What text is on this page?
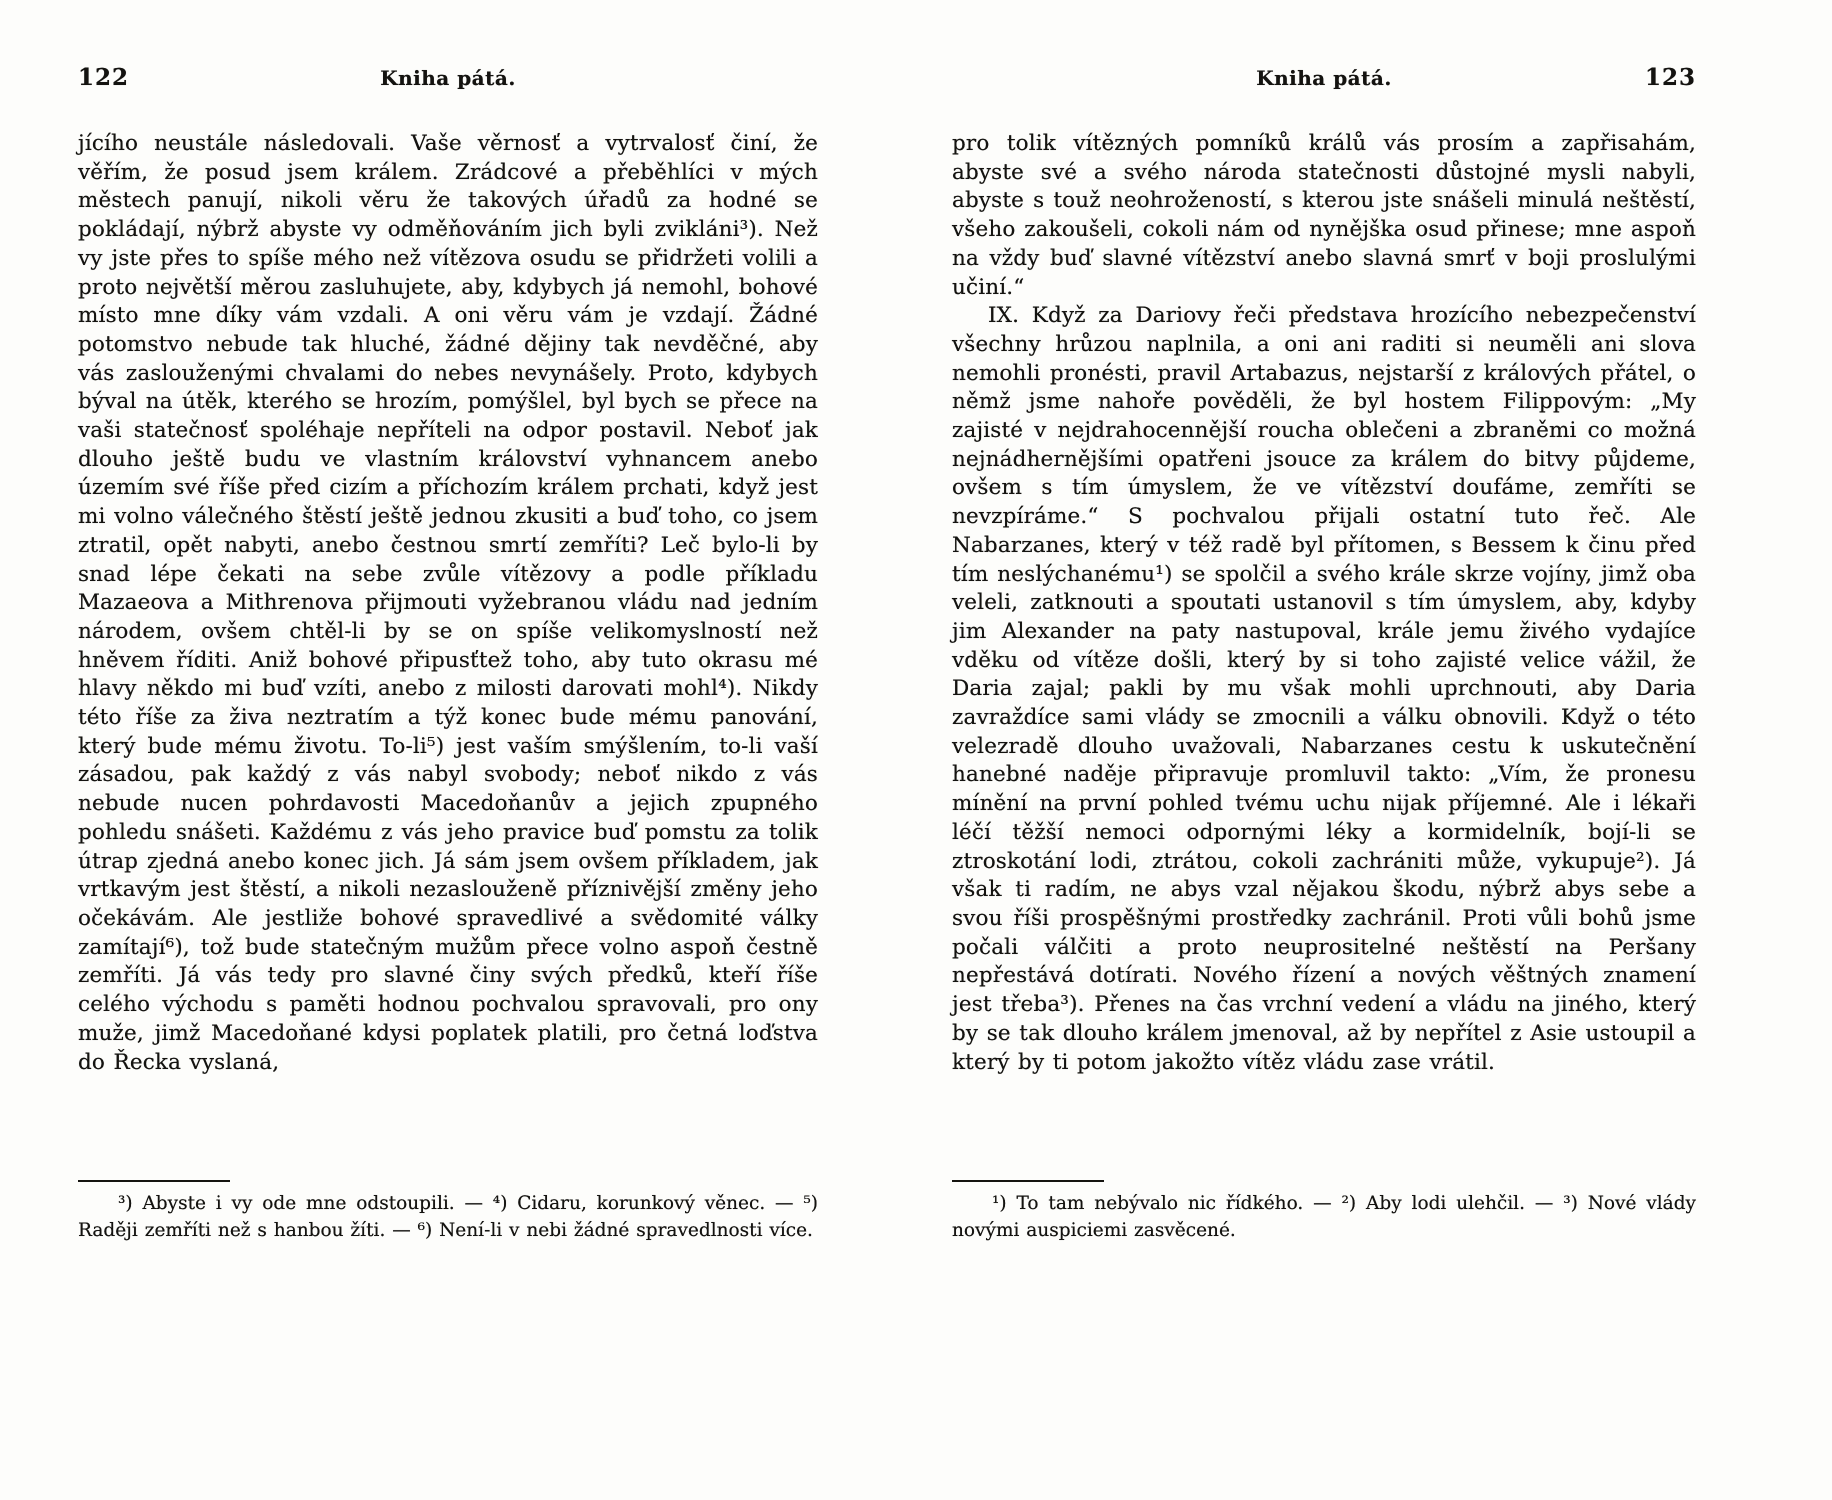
122	Kniha pátá.

jícího neustále následovali. Vaše věrnosť a vytrvalosť činí, že věřím, že posud jsem králem. Zrádcové a přeběhlíci v mých městech panují, nikoli věru že takových úřadů za hodné se pokládají, nýbrž abyste vy odměňováním jich byli zvikláni³). Než vy jste přes to spíše mého než vítězova osudu se přidržeti volili a proto největší měrou zasluhujete, aby, kdybych já nemohl, bohové místo mne díky vám vzdali. A oni věru vám je vzdají. Žádné potomstvo nebude tak hluché, žádné dějiny tak nevděčné, aby vás zaslouženými chvalami do nebes nevynášely. Proto, kdybych býval na útěk, kterého se hrozím, pomýšlel, byl bych se přece na vaši statečnosť spoléhaje nepříteli na odpor postavil. Neboť jak dlouho ještě budu ve vlastním království vyhnancem anebo územím své říše před cizím a příchozím králem prchati, když jest mi volno válečného štěstí ještě jednou zkusiti a buď toho, co jsem ztratil, opět nabyti, anebo čestnou smrtí zemříti? Leč bylo-li by snad lépe čekati na sebe zvůle vítězovy a podle příkladu Mazaeova a Mithrenova přijmouti vyžebranou vládu nad jedním národem, ovšem chtěl-li by se on spíše velikomyslností než hněvem říditi. Aniž bohové připusťtež toho, aby tuto okrasu mé hlavy někdo mi buď vzíti, anebo z milosti darovati mohl⁴). Nikdy této říše za živa neztratím a týž konec bude mému panování, který bude mému životu. To-li⁵) jest vaším smýšlením, to-li vaší zásadou, pak každý z vás nabyl svobody; neboť nikdo z vás nebude nucen pohrdavosti Macedoňanův a jejich zpupného pohledu snášeti. Každému z vás jeho pravice buď pomstu za tolik útrap zjedná anebo konec jich. Já sám jsem ovšem příkladem, jak vrtkavým jest štěstí, a nikoli nezaslouženě příznivější změny jeho očekávám. Ale jestliže bohové spravedlivé a svědomité války zamítají⁶), tož bude statečným mužům přece volno aspoň čestně zemříti. Já vás tedy pro slavné činy svých předků, kteří říše celého východu s paměti hodnou pochvalou spravovali, pro ony muže, jimž Macedoňané kdysi poplatek platili, pro četná loďstva do Řecka vyslaná,

³) Abyste i vy ode mne odstoupili. — ⁴) Cidaru, korunkový věnec. — ⁵) Raději zemříti než s hanbou žíti. — ⁶) Není-li v nebi žádné spravedlnosti více.

Kniha pátá.	123

pro tolik vítězných pomníků králů vás prosím a zapřisahám, abyste své a svého národa statečnosti důstojné mysli nabyli, abyste s touž neohrožeností, s kterou jste snášeli minulá neštěstí, všeho zakoušeli, cokoli nám od nynějška osud přinese; mne aspoň na vždy buď slavné vítězství anebo slavná smrť v boji proslulými učiní.“

IX. Když za Dariovy řeči představa hrozícího nebezpečenství všechny hrůzou naplnila, a oni ani raditi si neuměli ani slova nemohli pronésti, pravil Artabazus, nejstarší z králových přátel, o němž jsme nahoře pověděli, že byl hostem Filippovým: „My zajisté v nejdrahocennější roucha oblečeni a zbraněmi co možná nejnádhernějšími opatřeni jsouce za králem do bitvy půjdeme, ovšem s tím úmyslem, že ve vítězství doufáme, zemříti se nevzpíráme.“ S pochvalou přijali ostatní tuto řeč. Ale Nabarzanes, který v též radě byl přítomen, s Bessem k činu před tím neslýchanému¹) se spolčil a svého krále skrze vojíny, jimž oba veleli, zatknouti a spoutati ustanovil s tím úmyslem, aby, kdyby jim Alexander na paty nastupoval, krále jemu živého vydajíce vděku od vítěze došli, který by si toho zajisté velice vážil, že Daria zajal; pakli by mu však mohli uprchnouti, aby Daria zavraždíce sami vlády se zmocnili a válku obnovili. Když o této velezradě dlouho uvažovali, Nabarzanes cestu k uskutečnění hanebné naděje připravuje promluvil takto: „Vím, že pronesu mínění na první pohled tvému uchu nijak příjemné. Ale i lékaři léčí těžší nemoci odpornými léky a kormidelník, bojí-li se ztroskotání lodi, ztrátou, cokoli zachrániti může, vykupuje²). Já však ti radím, ne abys vzal nějakou škodu, nýbrž abys sebe a svou říši prospěšnými prostředky zachránil. Proti vůli bohů jsme počali válčiti a proto neuprositelné neštěstí na Peršany nepřestává dotírati. Nového řízení a nových věštných znamení jest třeba³). Přenes na čas vrchní vedení a vládu na jiného, který by se tak dlouho králem jmenoval, až by nepřítel z Asie ustoupil a který by ti potom jakožto vítěz vládu zase vrátil.

¹) To tam nebývalo nic řídkého. — ²) Aby lodi ulehčil. — ³) Nové vlády novými auspiciemi zasvěcené.
